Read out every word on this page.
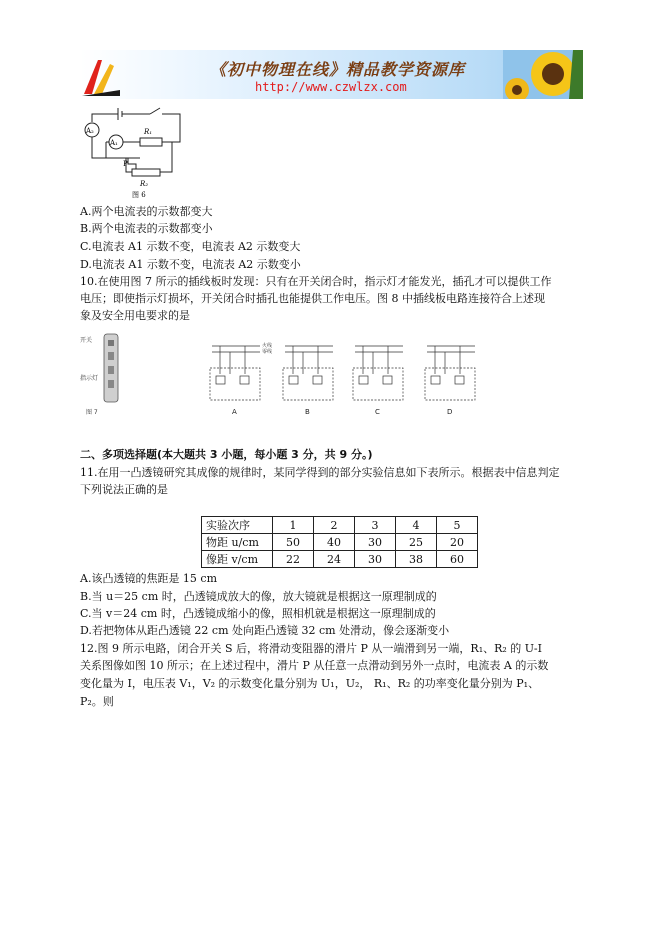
《初中物理在线》精品教学资源库
http://www.czwlzx.com
A₂
A₁
R₁
P
R₂
图 6
A.两个电流表的示数都变大
B.两个电流表的示数都变小
C.电流表 A1 示数不变，电流表 A2 示数变大
D.电流表 A1 示数不变，电流表 A2 示数变小
10.在使用图 7 所示的插线板时发现：只有在开关闭合时，指示灯才能发光，插孔才可以提供工作
电压；即使指示灯损坏，开关闭合时插孔也能提供工作电压。图 8 中插线板电路连接符合上述现
象及安全用电要求的是
开关
指示灯
图 7
火线
零线
A	B	C	D
二、多项选择题(本大题共 3 小题，每小题 3 分，共 9 分。)
11.在用一凸透镜研究其成像的规律时，某同学得到的部分实验信息如下表所示。根据表中信息判定
下列说法正确的是
实验次序	1	2	3	4	5
物距 u/cm	50	40	30	25	20
像距 v/cm	22	24	30	38	60
A.该凸透镜的焦距是 15 cm
B.当 u＝25 cm 时，凸透镜成放大的像，放大镜就是根据这一原理制成的
C.当 v＝24 cm 时，凸透镜成缩小的像，照相机就是根据这一原理制成的
D.若把物体从距凸透镜 22 cm 处向距凸透镜 32 cm 处滑动，像会逐渐变小
12.图 9 所示电路，闭合开关 S 后，将滑动变阻器的滑片 P 从一端滑到另一端，R₁、R₂ 的 U-I
关系图像如图 10 所示；在上述过程中，滑片 P 从任意一点滑动到另外一点时，电流表 A 的示数
变化量为 I，电压表 V₁，V₂ 的示数变化量分别为 U₁，U₂， R₁、R₂ 的功率变化量分别为 P₁、
P₂。则
